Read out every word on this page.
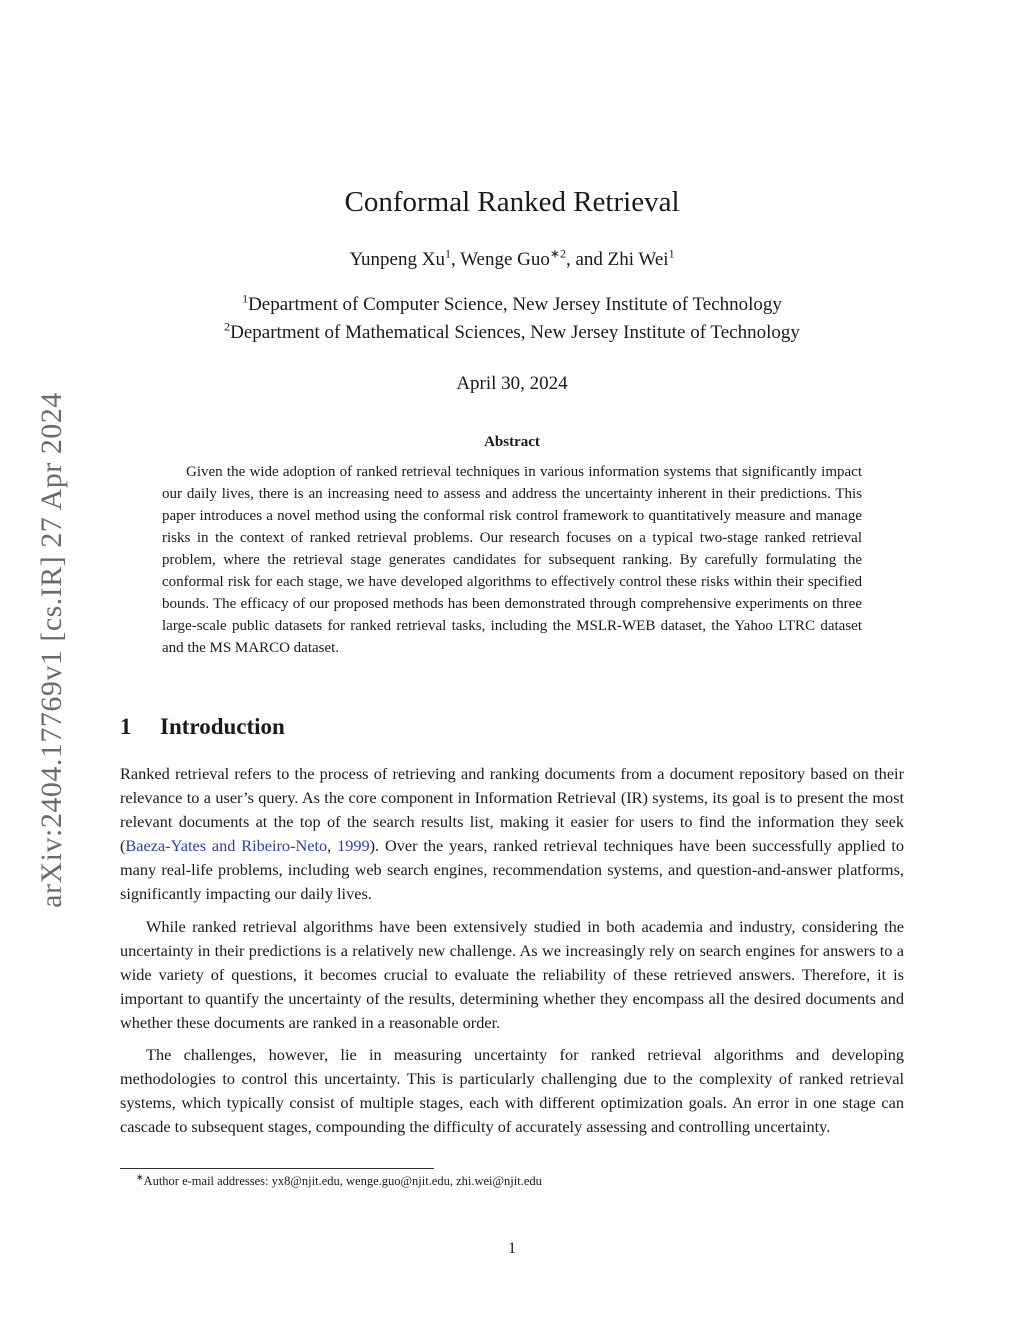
arXiv:2404.17769v1 [cs.IR] 27 Apr 2024
Conformal Ranked Retrieval
Yunpeng Xu$^1$, Wenge Guo$^{∗2}$, and Zhi Wei$^1$
$^1$Department of Computer Science, New Jersey Institute of Technology
$^2$Department of Mathematical Sciences, New Jersey Institute of Technology
April 30, 2024
Abstract
Given the wide adoption of ranked retrieval techniques in various information systems that significantly impact our daily lives, there is an increasing need to assess and address the uncertainty inherent in their predictions. This paper introduces a novel method using the conformal risk control framework to quantitatively measure and manage risks in the context of ranked retrieval problems. Our research focuses on a typical two-stage ranked retrieval problem, where the retrieval stage generates candidates for subsequent ranking. By carefully formulating the conformal risk for each stage, we have developed algorithms to effectively control these risks within their specified bounds. The efficacy of our proposed methods has been demonstrated through comprehensive experiments on three large-scale public datasets for ranked retrieval tasks, including the MSLR-WEB dataset, the Yahoo LTRC dataset and the MS MARCO dataset.
1 Introduction

Ranked retrieval refers to the process of retrieving and ranking documents from a document repository based on their relevance to a user’s query. As the core component in Information Retrieval (IR) systems, its goal is to present the most relevant documents at the top of the search results list, making it easier for users to find the information they seek (Baeza-Yates and Ribeiro-Neto, 1999). Over the years, ranked retrieval techniques have been successfully applied to many real-life problems, including web search engines, recommendation systems, and question-and-answer platforms, significantly impacting our daily lives.

While ranked retrieval algorithms have been extensively studied in both academia and industry, considering the uncertainty in their predictions is a relatively new challenge. As we increasingly rely on search engines for answers to a wide variety of questions, it becomes crucial to evaluate the reliability of these retrieved answers. Therefore, it is important to quantify the uncertainty of the results, determining whether they encompass all the desired documents and whether these documents are ranked in a reasonable order.

The challenges, however, lie in measuring uncertainty for ranked retrieval algorithms and developing methodologies to control this uncertainty. This is particularly challenging due to the complexity of ranked retrieval systems, which typically consist of multiple stages, each with different optimization goals. An error in one stage can cascade to subsequent stages, compounding the difficulty of accurately assessing and controlling uncertainty.

∗Author e-mail addresses: yx8@njit.edu, wenge.guo@njit.edu, zhi.wei@njit.edu
1
